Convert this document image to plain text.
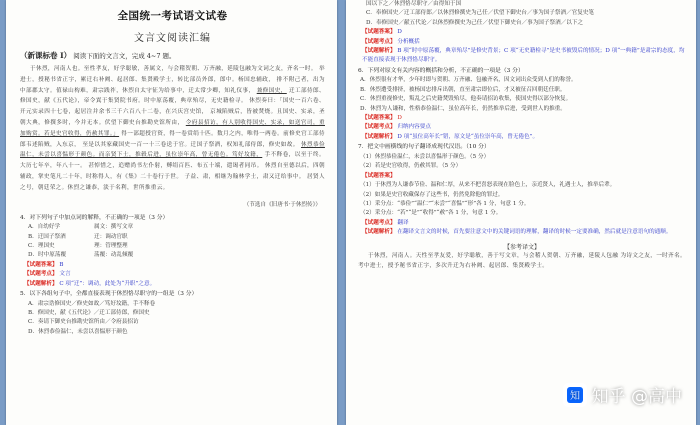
全国统一考试语文试卷
文言文阅读汇编
（新课标卷 Ⅰ） 阅读下面的文言文，完成 4~7 题。
于休烈，河南人也。至性孝友，好学聪敏，善属文，与会稽贺朝、万齐融，延陵包融为文词之友，齐名一时。 举进士，授秘书省正字，累迁右补阙、起居郎、集贤殿学士，转比部员外郎，郎中。杨国忠辅政， 排不附己者，出为中部郡太守。值禄山构难，肃宗践祚，休烈自太守征为给事中，迁太常少卿，知礼仪事， 兼修国史， 迁工部侍郎、修国史，献《五代论》，帝令寘于集贤院书府。时中原荡覆，典章殆尽，无史籍检寻。 休烈奏曰：「国史一百六卷、开元实录四十七卷，起居注并余书三千六百八十二卷，在兴庆宫史馆， 京城陷贼后，皆被焚烧。且国史、实录，圣朝大典，修撰多时，今并无本。伏望下御史台推勘史馆所由， 令府县招访，有人别收得国史、实录，如送官司，重加购赏。若是史官收得，仍赦其罪。」 得一部超授官资，得一卷赏绢十匹。数月之内，唯得一两卷。前修史官工部侍郎韦述陷贼，入东京， 至是以其家藏国史一百一十三卷送于官。迁国子祭酒，权知礼部侍郎，修史如故。 休烈恭俭温仁，未尝以喜愠形于颜色。而亲贤下士，推毂后进，虽位崇年高，曾无倦色。笃好坟籍， 手不释卷，以至于终。大历七年卒，年八十一。 甚悼惜之，追赠尚书左仆射，赙绢百匹、布五十端，遣谒者同吊。 休烈自至德以后，四朝辅政，掌史笔凡二十年，时称得人，有《集》二十卷行于世。 子益、肃，相继为翰林学士，肃又迁给事中。 居贤人之号，朝廷荣之。休烈之谦恭，淡于名利，世所推重云。
（节选自《旧唐书·于休烈传》）
4．对下列句子中加点词的解释，不正确的一项是（3 分）
A．自幼好学	属文：撰写文章
B．迁国子祭酒	迁：调动官职
C．理国史	理：管理整理
D．时中原荡覆	荡覆：动乱倾覆
【试题答案】 B
【试题考点】 文言
【试题解析】 C 项“迁”：调动，此处为“升职”之意。
5．以下各组句子中，全都直接表现于休烈恪尽职守的一组是（3 分）
A．肃宗诰修国史／修史如故／笃好坟籍，手不释卷
B．修国史，献《五代论》／迁工部侍郎，修国史
C．奏请下御史台推勘史馆所由／令府县招访
D．休烈恭俭温仁，未尝以喜愠形于颜色
国以下之／休烈恪尽职守／由得知于国
C．奉修国史／迁工部侍郎／以休烈修撰史为己任／伏望下御史台／事为国子祭酒／官复史笔
D．奉修国史／献五代论／以休烈修撰史为己任／伏望下御史台／事为国子祭酒／以下之
【试题答案】 D
【试题考点】 分析概括
【试题解析】 B 项“时中原荡覆，典章殆尽”是修史背景；C 项“无史籍检寻”是史书被毁后的情况；D 项“一典籍”是肃宗的态度，均不能直接表现于休烈恪尽职守。
6．下列对原文有关内容的概括和分析，不正确的一项是（3 分）
A．休烈很有才华，少年时即与贺朝、万齐融、包融齐名，因文词出众受到人们的称誉。
B．休烈遭受排挤，被杨国忠排斥出朝，直至肃宗即位后，才又被征召回朝廷任职。
C．休烈重视修史，叛乱之后史籍焚毁殆尽，他奏请招访收集，使国史得以部分恢复。
D．休烈为人谦和，性格恭俭温仁，虽位高年长，仍然推举后进，受到世人的推重。
【试题答案】 D
【试题考点】 归纳内容要点
【试题解析】 D 项“虽位高年长”错，原文是“虽位崇年高，曾无倦色”。
7．把文中画横线的句子翻译成现代汉语。（10 分）
（1）休烈恭俭温仁，未尝以喜愠形于颜色。（5 分）
（2）若是史官收得，仍赦其罪。（5 分）
【试题答案】
（1）于休烈为人谦恭节俭、温和仁厚，从来不把喜怒表现在脸色上，亲近贤人，礼遇士人，推举后辈。
（2）如果是史官收藏保存了这些书，仍然免除他的罪过。
（1）采分点：“恭俭”“温仁”“未尝”“喜愠”“形”各 1 分，句意 1 分。
（2）采分点：“若”“是”“收得”“赦”各 1 分，句意 1 分。
【试题考点】 翻译
【试题解析】 在翻译文言文的时候，首先要注意文中的关键词语的理解，翻译的时候一定要准确，然后就是注意语句的通顺。
【参考译文】
于休烈，河南人。天性至孝友爱，好学聪敏，善于写文章，与会稽人贺朝、万齐融，延陵人包融 为诗文之友，一时齐名。考中进士，授予秘书省正字，多次升迁为右补阙、起居郎、集贤殿学士。
知 知乎 @高中
